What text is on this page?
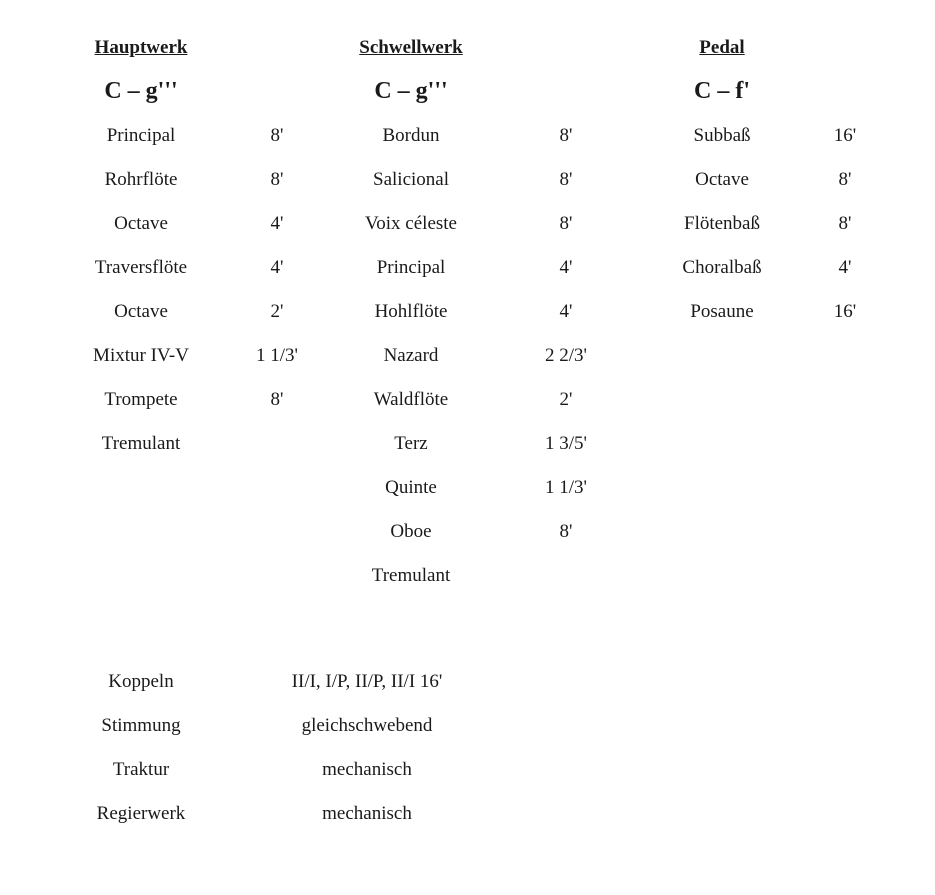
Hauptwerk
C – g'''
Principal	8'
Rohrflöte	8'
Octave	4'
Traversflöte	4'
Octave	2'
Mixtur IV-V	1 1/3'
Trompete	8'
Tremulant
Schwellwerk
C – g'''
Bordun	8'
Salicional	8'
Voix céleste	8'
Principal	4'
Hohlflöte	4'
Nazard	2 2/3'
Waldflöte	2'
Terz	1 3/5'
Quinte	1 1/3'
Oboe	8'
Tremulant
Pedal
C – f'
Subbaß	16'
Octave	8'
Flötenbaß	8'
Choralbaß	4'
Posaune	16'
Koppeln	II/I, I/P, II/P, II/I 16'
Stimmung	gleichschwebend
Traktur	mechanisch
Regierwerk	mechanisch
